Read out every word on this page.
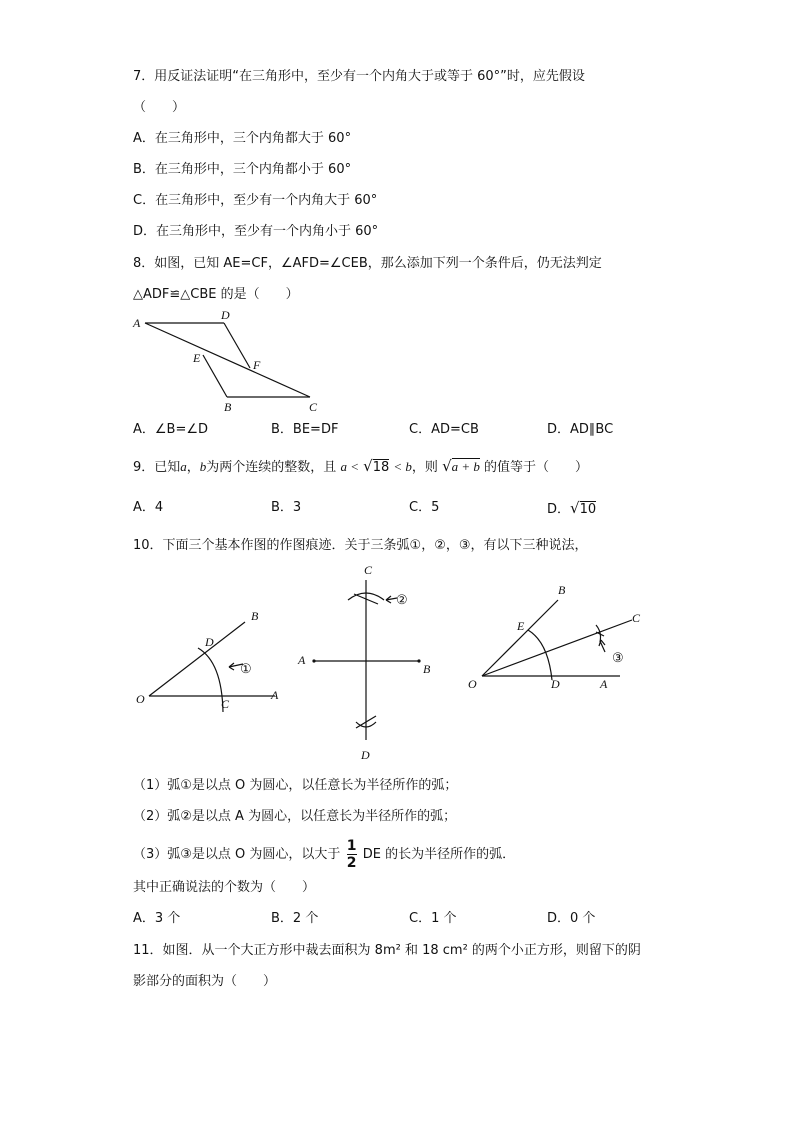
7．用反证法证明“在三角形中，至少有一个内角大于或等于 60°”时，应先假设
（　　）
A．在三角形中，三个内角都大于 60°
B．在三角形中，三个内角都小于 60°
C．在三角形中，至少有一个内角大于 60°
D．在三角形中，至少有一个内角小于 60°
8．如图，已知 AE=CF，∠AFD=∠CEB，那么添加下列一个条件后，仍无法判定
△ADF≌△CBE 的是（　　）
A
D
E	F
B	C
A．∠B=∠D	B．BE=DF	C．AD=CB	D．AD∥BC
9．已知a，b为两个连续的整数，且 a < √18 < b，则 √a + b 的值等于（　　）
A．4	B．3	C．5	D．√10
10．下面三个基本作图的作图痕迹．关于三条弧①，②，③，有以下三种说法，
B
D
O	C
A
①
C
A
B
D
②
B
E
C
O	D	A
③
（1）弧①是以点 O 为圆心，以任意长为半径所作的弧；
（2）弧②是以点 A 为圆心，以任意长为半径所作的弧；
（3）弧③是以点 O 为圆心，以大于 $\frac{1}{2}$ DE 的长为半径所作的弧．
其中正确说法的个数为（　　）
A．3 个	B．2 个	C．1 个	D．0 个
11．如图．从一个大正方形中裁去面积为 8m² 和 18 cm² 的两个小正方形，则留下的阴
影部分的面积为（　　）
